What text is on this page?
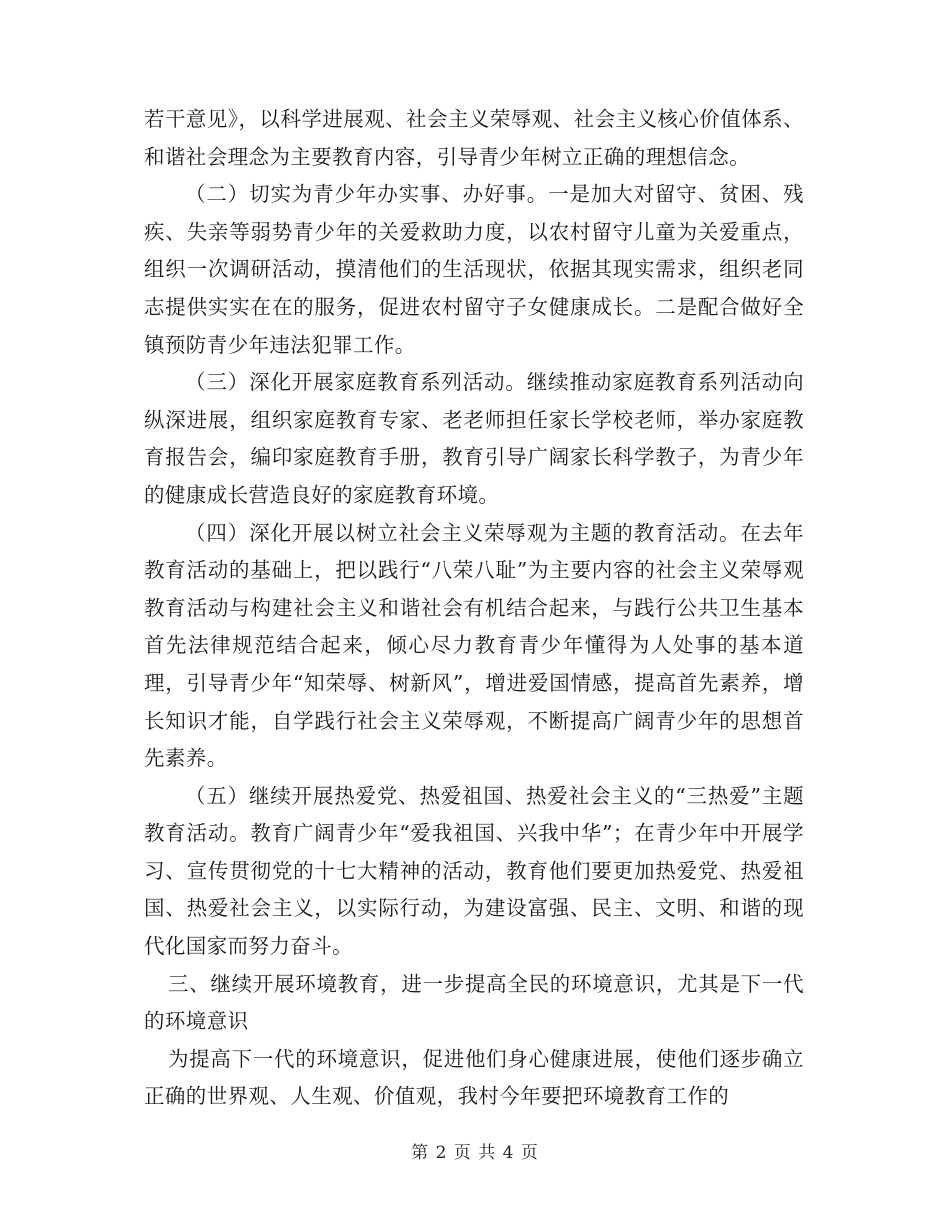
若干意见》，以科学进展观、社会主义荣辱观、社会主义核心价值体系、和谐社会理念为主要教育内容，引导青少年树立正确的理想信念。

（二）切实为青少年办实事、办好事。一是加大对留守、贫困、残疾、失亲等弱势青少年的关爱救助力度，以农村留守儿童为关爱重点，组织一次调研活动，摸清他们的生活现状，依据其现实需求，组织老同志提供实实在在的服务，促进农村留守子女健康成长。二是配合做好全镇预防青少年违法犯罪工作。

（三）深化开展家庭教育系列活动。继续推动家庭教育系列活动向纵深进展，组织家庭教育专家、老老师担任家长学校老师，举办家庭教育报告会，编印家庭教育手册，教育引导广阔家长科学教子，为青少年的健康成长营造良好的家庭教育环境。

（四）深化开展以树立社会主义荣辱观为主题的教育活动。在去年教育活动的基础上，把以践行“八荣八耻”为主要内容的社会主义荣辱观教育活动与构建社会主义和谐社会有机结合起来，与践行公共卫生基本首先法律规范结合起来，倾心尽力教育青少年懂得为人处事的基本道理，引导青少年“知荣辱、树新风”，增进爱国情感，提高首先素养，增长知识才能，自学践行社会主义荣辱观，不断提高广阔青少年的思想首先素养。

（五）继续开展热爱党、热爱祖国、热爱社会主义的“三热爱”主题教育活动。教育广阔青少年“爱我祖国、兴我中华”；在青少年中开展学习、宣传贯彻党的十七大精神的活动，教育他们要更加热爱党、热爱祖国、热爱社会主义，以实际行动，为建设富强、民主、文明、和谐的现代化国家而努力奋斗。

三、继续开展环境教育，进一步提高全民的环境意识，尤其是下一代的环境意识

为提高下一代的环境意识，促进他们身心健康进展，使他们逐步确立正确的世界观、人生观、价值观，我村今年要把环境教育工作的

第 2 页 共 4 页
